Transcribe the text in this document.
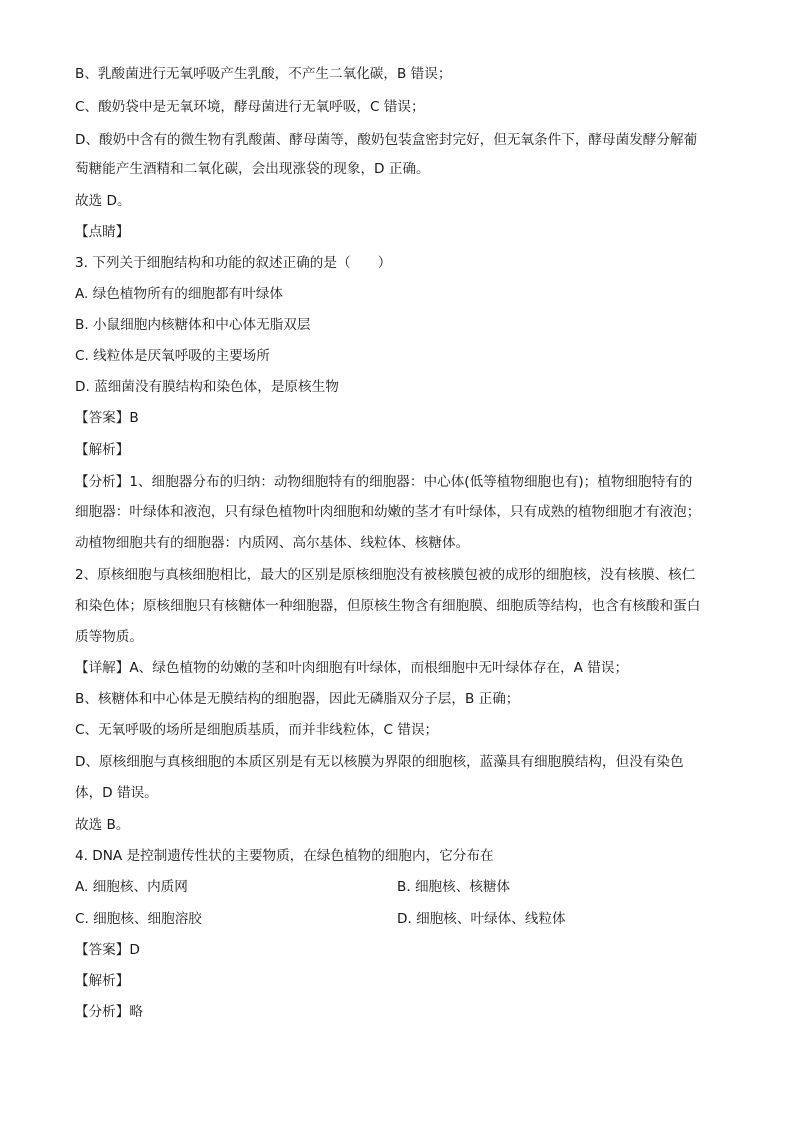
B、乳酸菌进行无氧呼吸产生乳酸，不产生二氧化碳，B 错误；
C、酸奶袋中是无氧环境，酵母菌进行无氧呼吸，C 错误；
D、酸奶中含有的微生物有乳酸菌、酵母菌等，酸奶包装盒密封完好，但无氧条件下，酵母菌发酵分解葡
萄糖能产生酒精和二氧化碳，会出现涨袋的现象，D 正确。
故选 D。
【点睛】
3. 下列关于细胞结构和功能的叙述正确的是（　　）
A. 绿色植物所有的细胞都有叶绿体
B. 小鼠细胞内核糖体和中心体无脂双层
C. 线粒体是厌氧呼吸的主要场所
D. 蓝细菌没有膜结构和染色体，是原核生物
【答案】B
【解析】
【分析】1、细胞器分布的归纳：动物细胞特有的细胞器：中心体(低等植物细胞也有)；植物细胞特有的
细胞器：叶绿体和液泡，只有绿色植物叶肉细胞和幼嫩的茎才有叶绿体，只有成熟的植物细胞才有液泡；
动植物细胞共有的细胞器：内质网、高尔基体、线粒体、核糖体。
2、原核细胞与真核细胞相比，最大的区别是原核细胞没有被核膜包被的成形的细胞核，没有核膜、核仁
和染色体；原核细胞只有核糖体一种细胞器，但原核生物含有细胞膜、细胞质等结构，也含有核酸和蛋白
质等物质。
【详解】A、绿色植物的幼嫩的茎和叶肉细胞有叶绿体，而根细胞中无叶绿体存在，A 错误；
B、核糖体和中心体是无膜结构的细胞器，因此无磷脂双分子层，B 正确；
C、无氧呼吸的场所是细胞质基质，而并非线粒体，C 错误；
D、原核细胞与真核细胞的本质区别是有无以核膜为界限的细胞核，蓝藻具有细胞膜结构，但没有染色
体，D 错误。
故选 B。
4. DNA 是控制遗传性状的主要物质，在绿色植物的细胞内，它分布在
A. 细胞核、内质网	B. 细胞核、核糖体
C. 细胞核、细胞溶胶	D. 细胞核、叶绿体、线粒体
【答案】D
【解析】
【分析】略
